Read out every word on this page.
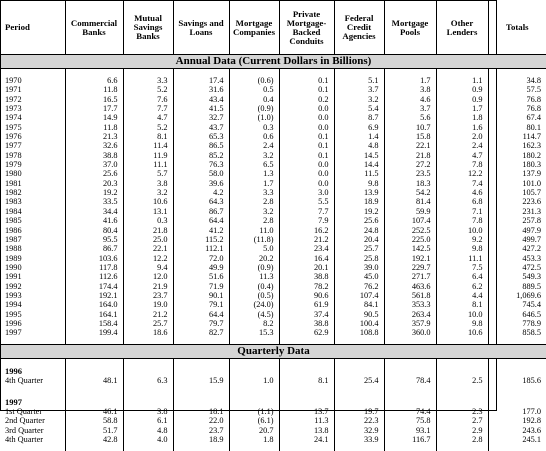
Period	Commercial Banks	Mutual Savings Banks	Savings and Loans	Mortgage Companies	Private Mortgage-Backed Conduits	Federal Credit Agencies	Mortgage Pools	Other Lenders	Totals
Annual Data (Current Dollars in Billions)									

1970	6.6	3.3	17.4	(0.6)	0.1	5.1	1.7	1.1	34.8
1971	11.8	5.2	31.6	0.5	0.1	3.7	3.8	0.9	57.5
1972	16.5	7.6	43.4	0.4	0.2	3.2	4.6	0.9	76.8
1973	17.7	7.7	41.5	(0.9)	0.0	5.4	3.7	1.7	76.8
1974	14.9	4.7	32.7	(1.0)	0.0	8.7	5.6	1.8	67.4
1975	11.8	5.2	43.7	0.3	0.0	6.9	10.7	1.6	80.1
1976	21.3	8.1	65.3	0.6	0.1	1.4	15.8	2.0	114.7
1977	32.6	11.4	86.5	2.4	0.1	4.8	22.1	2.4	162.3
1978	38.8	11.9	85.2	3.2	0.1	14.5	21.8	4.7	180.2
1979	37.0	11.1	76.3	6.5	0.0	14.4	27.2	7.8	180.3
1980	25.6	5.7	58.0	1.3	0.0	11.5	23.5	12.2	137.9
1981	20.3	3.8	39.6	1.7	0.0	9.8	18.3	7.4	101.0
1982	19.2	3.2	4.2	3.3	3.0	13.9	54.2	4.6	105.7
1983	33.5	10.6	64.3	2.8	5.5	18.9	81.4	6.8	223.6
1984	34.4	13.1	86.7	3.2	7.7	19.2	59.9	7.1	231.3
1985	41.6	0.3	64.4	2.8	7.9	25.6	107.4	7.8	257.8
1986	80.4	21.8	41.2	11.0	16.2	24.8	252.5	10.0	497.9
1987	95.5	25.0	115.2	(11.8)	21.2	20.4	225.0	9.2	499.7
1988	86.7	22.1	112.1	5.0	23.4	25.7	142.5	9.8	427.2
1989	103.6	12.2	72.0	20.2	16.4	25.8	192.1	11.1	453.3
1990	117.8	9.4	49.9	(0.9)	20.1	39.0	229.7	7.5	472.5
1991	112.6	12.0	51.6	11.3	38.8	45.0	271.7	6.4	549.3
1992	174.4	21.9	71.9	(0.4)	78.2	76.2	463.6	6.2	889.5
1993	192.1	23.7	90.1	(0.5)	90.6	107.4	561.8	4.4	1,069.6
1994	164.0	19.0	79.1	(24.0)	61.9	84.1	353.3	8.1	745.4
1995	164.1	21.2	64.4	(4.5)	37.4	90.5	263.4	10.0	646.5
1996	158.4	25.7	79.7	8.2	38.8	100.4	357.9	9.8	778.9
1997	199.4	18.6	82.7	15.3	62.9	108.8	360.0	10.6	858.5

Quarterly Data									

1996									
4th Quarter	48.1	6.3	15.9	1.0	8.1	25.4	78.4	2.5	185.6
1997									
1st Quarter	46.1	3.8	18.1	(1.1)	13.7	19.7	74.4	2.3	177.0
2nd Quarter	58.8	6.1	22.0	(6.1)	11.3	22.3	75.8	2.7	192.8
3rd Quarter	51.7	4.8	23.7	20.7	13.8	32.9	93.1	2.9	243.6
4th Quarter	42.8	4.0	18.9	1.8	24.1	33.9	116.7	2.8	245.1
